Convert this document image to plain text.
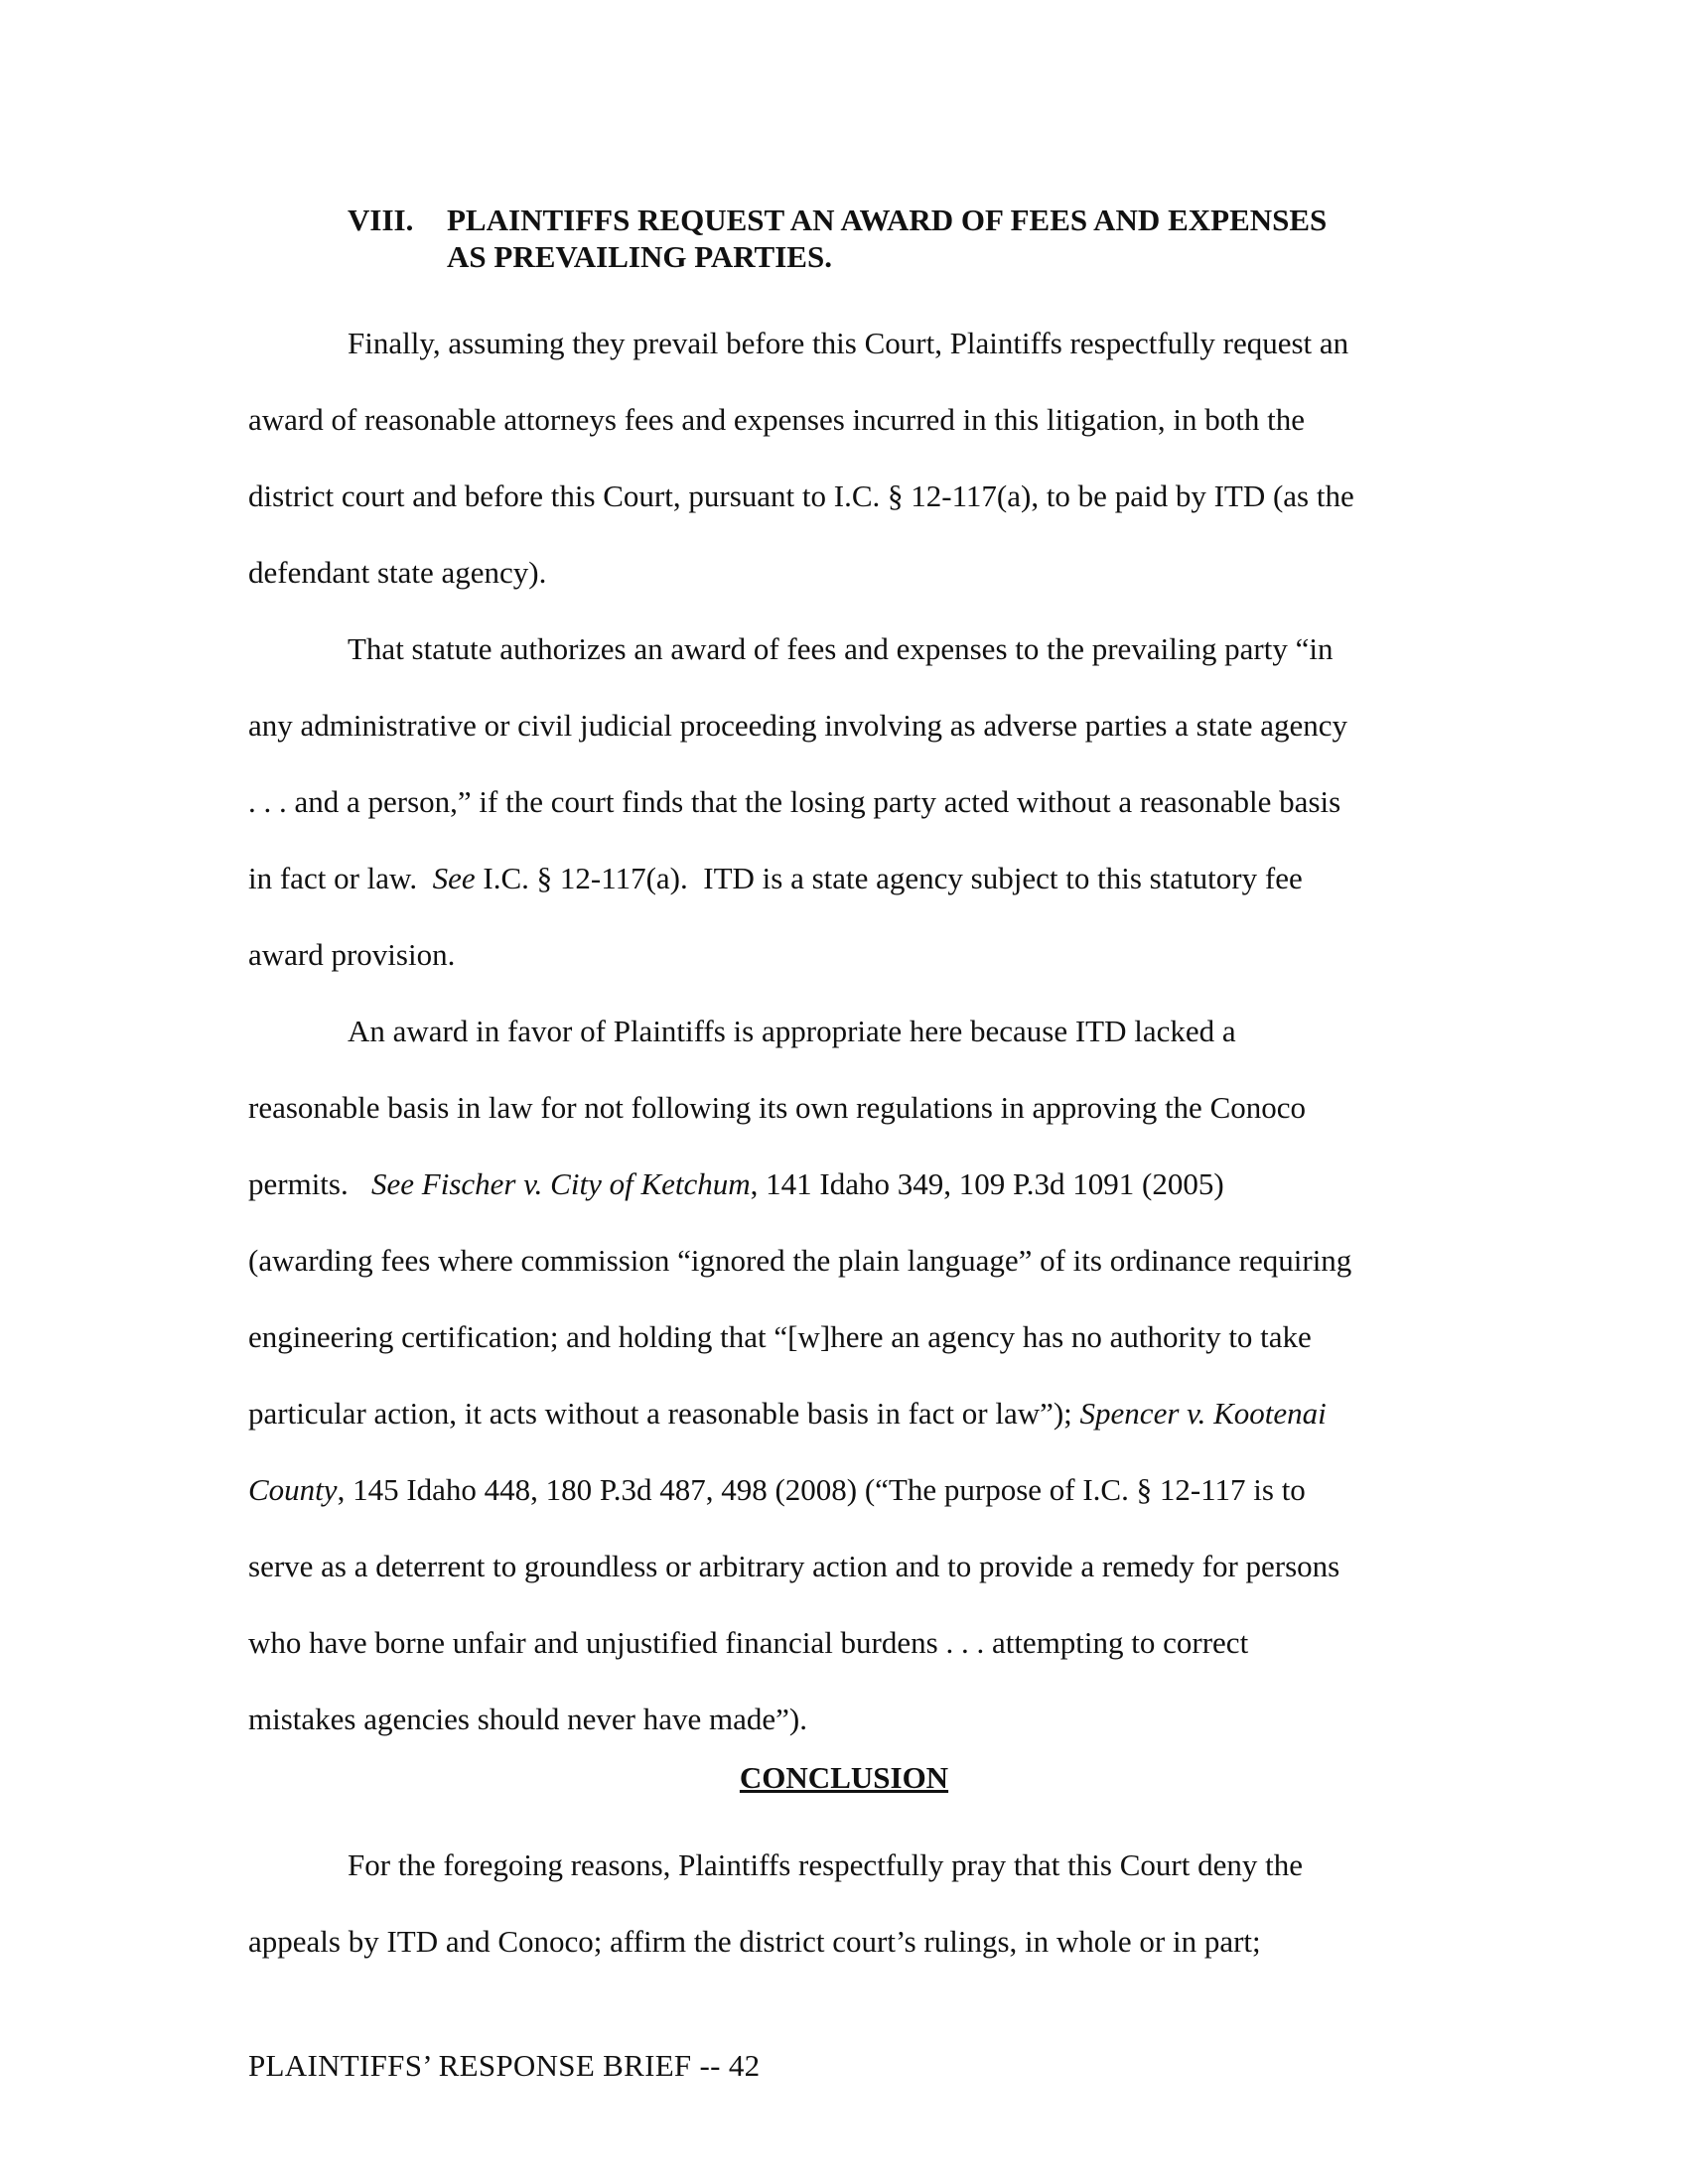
VIII. PLAINTIFFS REQUEST AN AWARD OF FEES AND EXPENSES
AS PREVAILING PARTIES.
Finally, assuming they prevail before this Court, Plaintiffs respectfully request an
award of reasonable attorneys fees and expenses incurred in this litigation, in both the
district court and before this Court, pursuant to I.C. § 12-117(a), to be paid by ITD (as the
defendant state agency).
That statute authorizes an award of fees and expenses to the prevailing party “in
any administrative or civil judicial proceeding involving as adverse parties a state agency
. . . and a person,” if the court finds that the losing party acted without a reasonable basis
in fact or law.  See I.C. § 12-117(a).  ITD is a state agency subject to this statutory fee
award provision.
An award in favor of Plaintiffs is appropriate here because ITD lacked a
reasonable basis in law for not following its own regulations in approving the Conoco
permits.   See Fischer v. City of Ketchum, 141 Idaho 349, 109 P.3d 1091 (2005)
(awarding fees where commission “ignored the plain language” of its ordinance requiring
engineering certification; and holding that “[w]here an agency has no authority to take
particular action, it acts without a reasonable basis in fact or law”); Spencer v. Kootenai
County, 145 Idaho 448, 180 P.3d 487, 498 (2008) (“The purpose of I.C. § 12-117 is to
serve as a deterrent to groundless or arbitrary action and to provide a remedy for persons
who have borne unfair and unjustified financial burdens . . . attempting to correct
mistakes agencies should never have made”).
CONCLUSION
For the foregoing reasons, Plaintiffs respectfully pray that this Court deny the
appeals by ITD and Conoco; affirm the district court’s rulings, in whole or in part;
PLAINTIFFS’ RESPONSE BRIEF -- 42
